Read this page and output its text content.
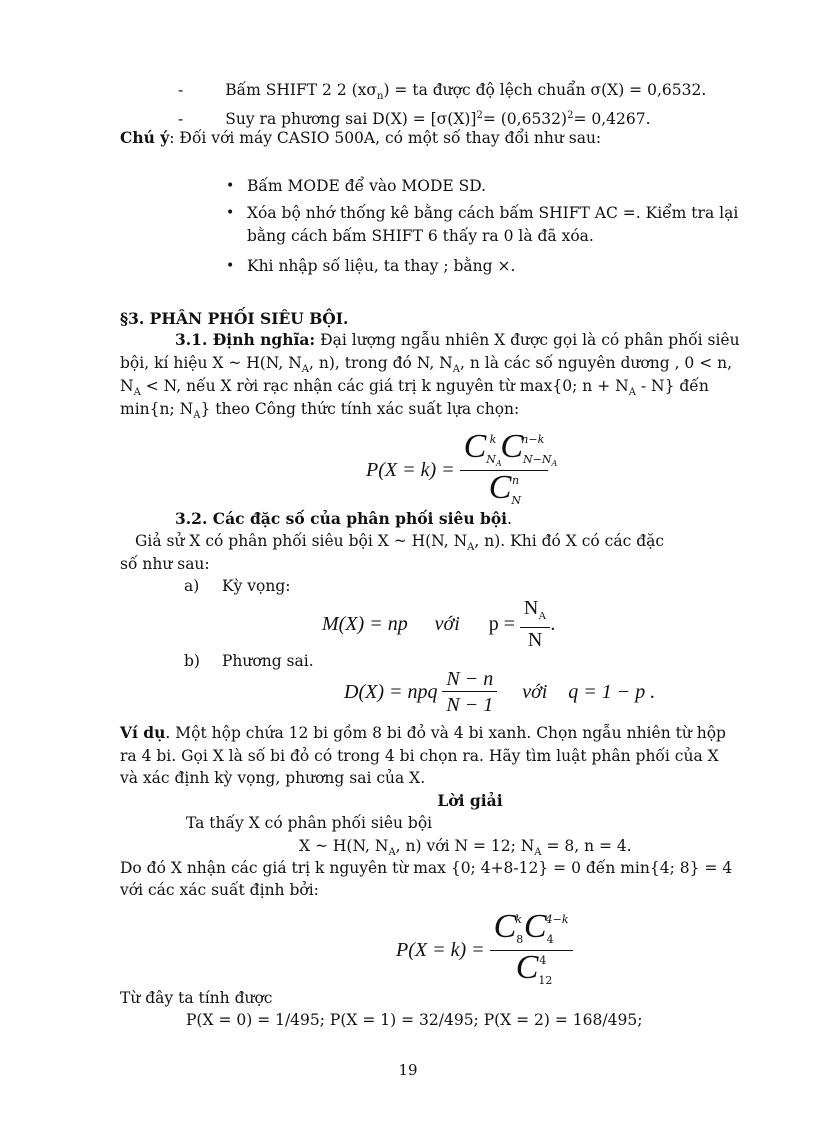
-	Bấm SHIFT 2 2 $(x\sigma_n)$ = ta được độ lệch chuẩn σ(X) = 0,6532.
-	Suy ra phương sai $D(X) = [\sigma(X)]^2= (0,6532)^2= 0,4267$.
Chú ý: Đối với máy CASIO 500A, có một số thay đổi như sau:
• Bấm MODE để vào MODE SD.
• Xóa bộ nhớ thống kê bằng cách bấm SHIFT AC =. Kiểm tra lại
bằng cách bấm SHIFT 6 thấy ra 0 là đã xóa.
• Khi nhập số liệu, ta thay ; bằng ×.
§3. PHÂN PHỐI SIÊU BỘI.
3.1. Định nghĩa: Đại lượng ngẫu nhiên X được gọi là có phân phối siêu
bội, kí hiệu X ~ H(N, $N_A$, n), trong đó N, $N_A$, n là các số nguyên dương , 0 < n,
$N_A < N$, nếu X rời rạc nhận các giá trị k nguyên từ max{0; $n + N_A - N$} đến
min{n; $N_A$} theo Công thức tính xác suất lựa chọn:
$P(X = k) = \frac{C_{NA}^k C_{N-NA}^{n-k}}{C_N^n}$
3.2. Các đặc số của phân phối siêu bội.
Giả sử X có phân phối siêu bội X ~ H(N, $N_A$, n). Khi đó X có các đặc
số như sau:
a) Kỳ vọng:
M(X) = np với $p = \frac{N_A}{N}$ .
b) Phương sai.
D(X) = npq $\frac{N - n}{N - 1}$ với q = 1 − p .
Ví dụ. Một hộp chứa 12 bi gồm 8 bi đỏ và 4 bi xanh. Chọn ngẫu nhiên từ hộp
ra 4 bi. Gọi X là số bi đỏ có trong 4 bi chọn ra. Hãy tìm luật phân phối của X
và xác định kỳ vọng, phương sai của X.
Lời giải
Ta thấy X có phân phối siêu bội
X ~ H(N, $N_A$, n) với N = 12; $N_A = 8$, n = 4.
Do đó X nhận các giá trị k nguyên từ max {0; 4+8-12} = 0 đến min{4; 8} = 4
với các xác suất định bởi:
$P(X = k) = \frac{C_8^kC_4^{4-k}}{C_{12}^4}$
Từ đây ta tính được
P(X = 0) = 1/495; P(X = 1) = 32/495; P(X = 2) = 168/495;
19
